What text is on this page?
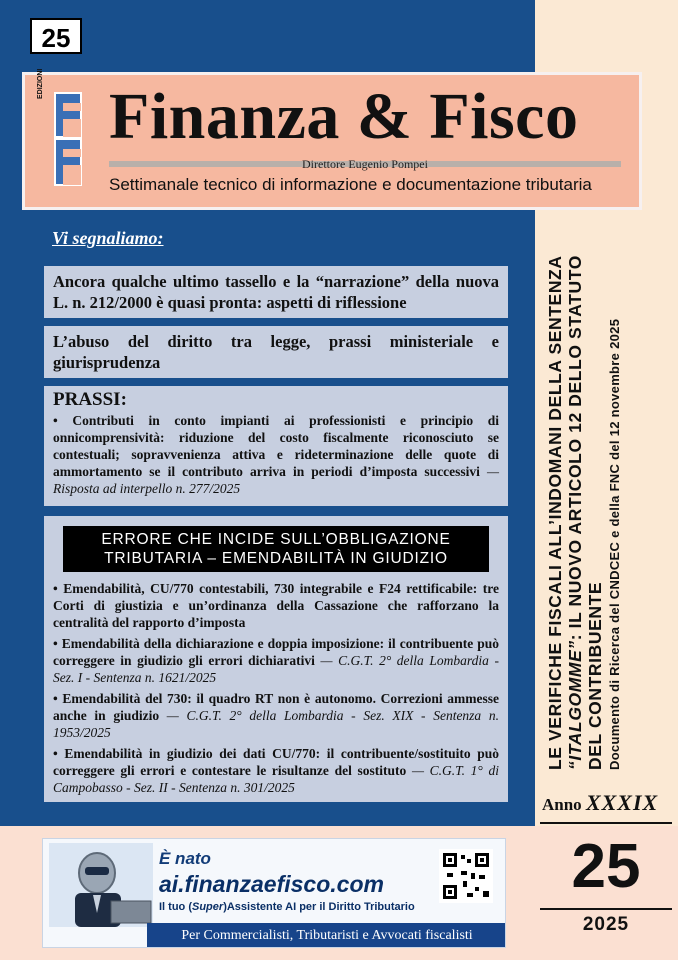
25
EDIZIONI Finanza & Fisco
Direttore Eugenio Pompei
Settimanale tecnico di informazione e documentazione tributaria
Vi segnaliamo:
Ancora qualche ultimo tassello e la “narrazione” della nuova L. n. 212/2000 è quasi pronta: aspetti di riflessione
L’abuso del diritto tra legge, prassi ministeriale e giurisprudenza
PRASSI:
• Contributi in conto impianti ai professionisti e principio di onnicomprensività: riduzione del costo fiscalmente riconosciuto se contestuali; sopravvenienza attiva e rideterminazione delle quote di ammortamento se il contributo arriva in periodi d’imposta successivi — Risposta ad interpello n. 277/2025
ERRORE CHE INCIDE SULL’OBBLIGAZIONE
TRIBUTARIA – EMENDABILITÀ IN GIUDIZIO
• Emendabilità, CU/770 contestabili, 730 integrabile e F24 rettificabile: tre Corti di giustizia e un’ordinanza della Cassazione che rafforzano la centralità del rapporto d’imposta
• Emendabilità della dichiarazione e doppia imposizione: il contribuente può correggere in giudizio gli errori dichiarativi — C.G.T. 2° della Lombardia - Sez. I - Sentenza n. 1621/2025
• Emendabilità del 730: il quadro RT non è autonomo. Correzioni ammesse anche in giudizio — C.G.T. 2° della Lombardia - Sez. XIX - Sentenza n. 1953/2025
• Emendabilità in giudizio dei dati CU/770: il contribuente/sostituito può correggere gli errori e contestare le risultanze del sostituto — C.G.T. 1° di Campobasso - Sez. II - Sentenza n. 301/2025
LE VERIFICHE FISCALI ALL’INDOMANI DELLA SENTENZA “ITALGOMME”: IL NUOVO ARTICOLO 12 DELLO STATUTO
DEL CONTRIBUENTE Documento di Ricerca del CNDCEC e della FNC del 12 novembre 2025
Anno XXXIX
25
2025
È nato
ai.finanzaefisco.com
Il tuo (Super)Assistente AI per il Diritto Tributario
Per Commercialisti, Tributaristi e Avvocati fiscalisti
